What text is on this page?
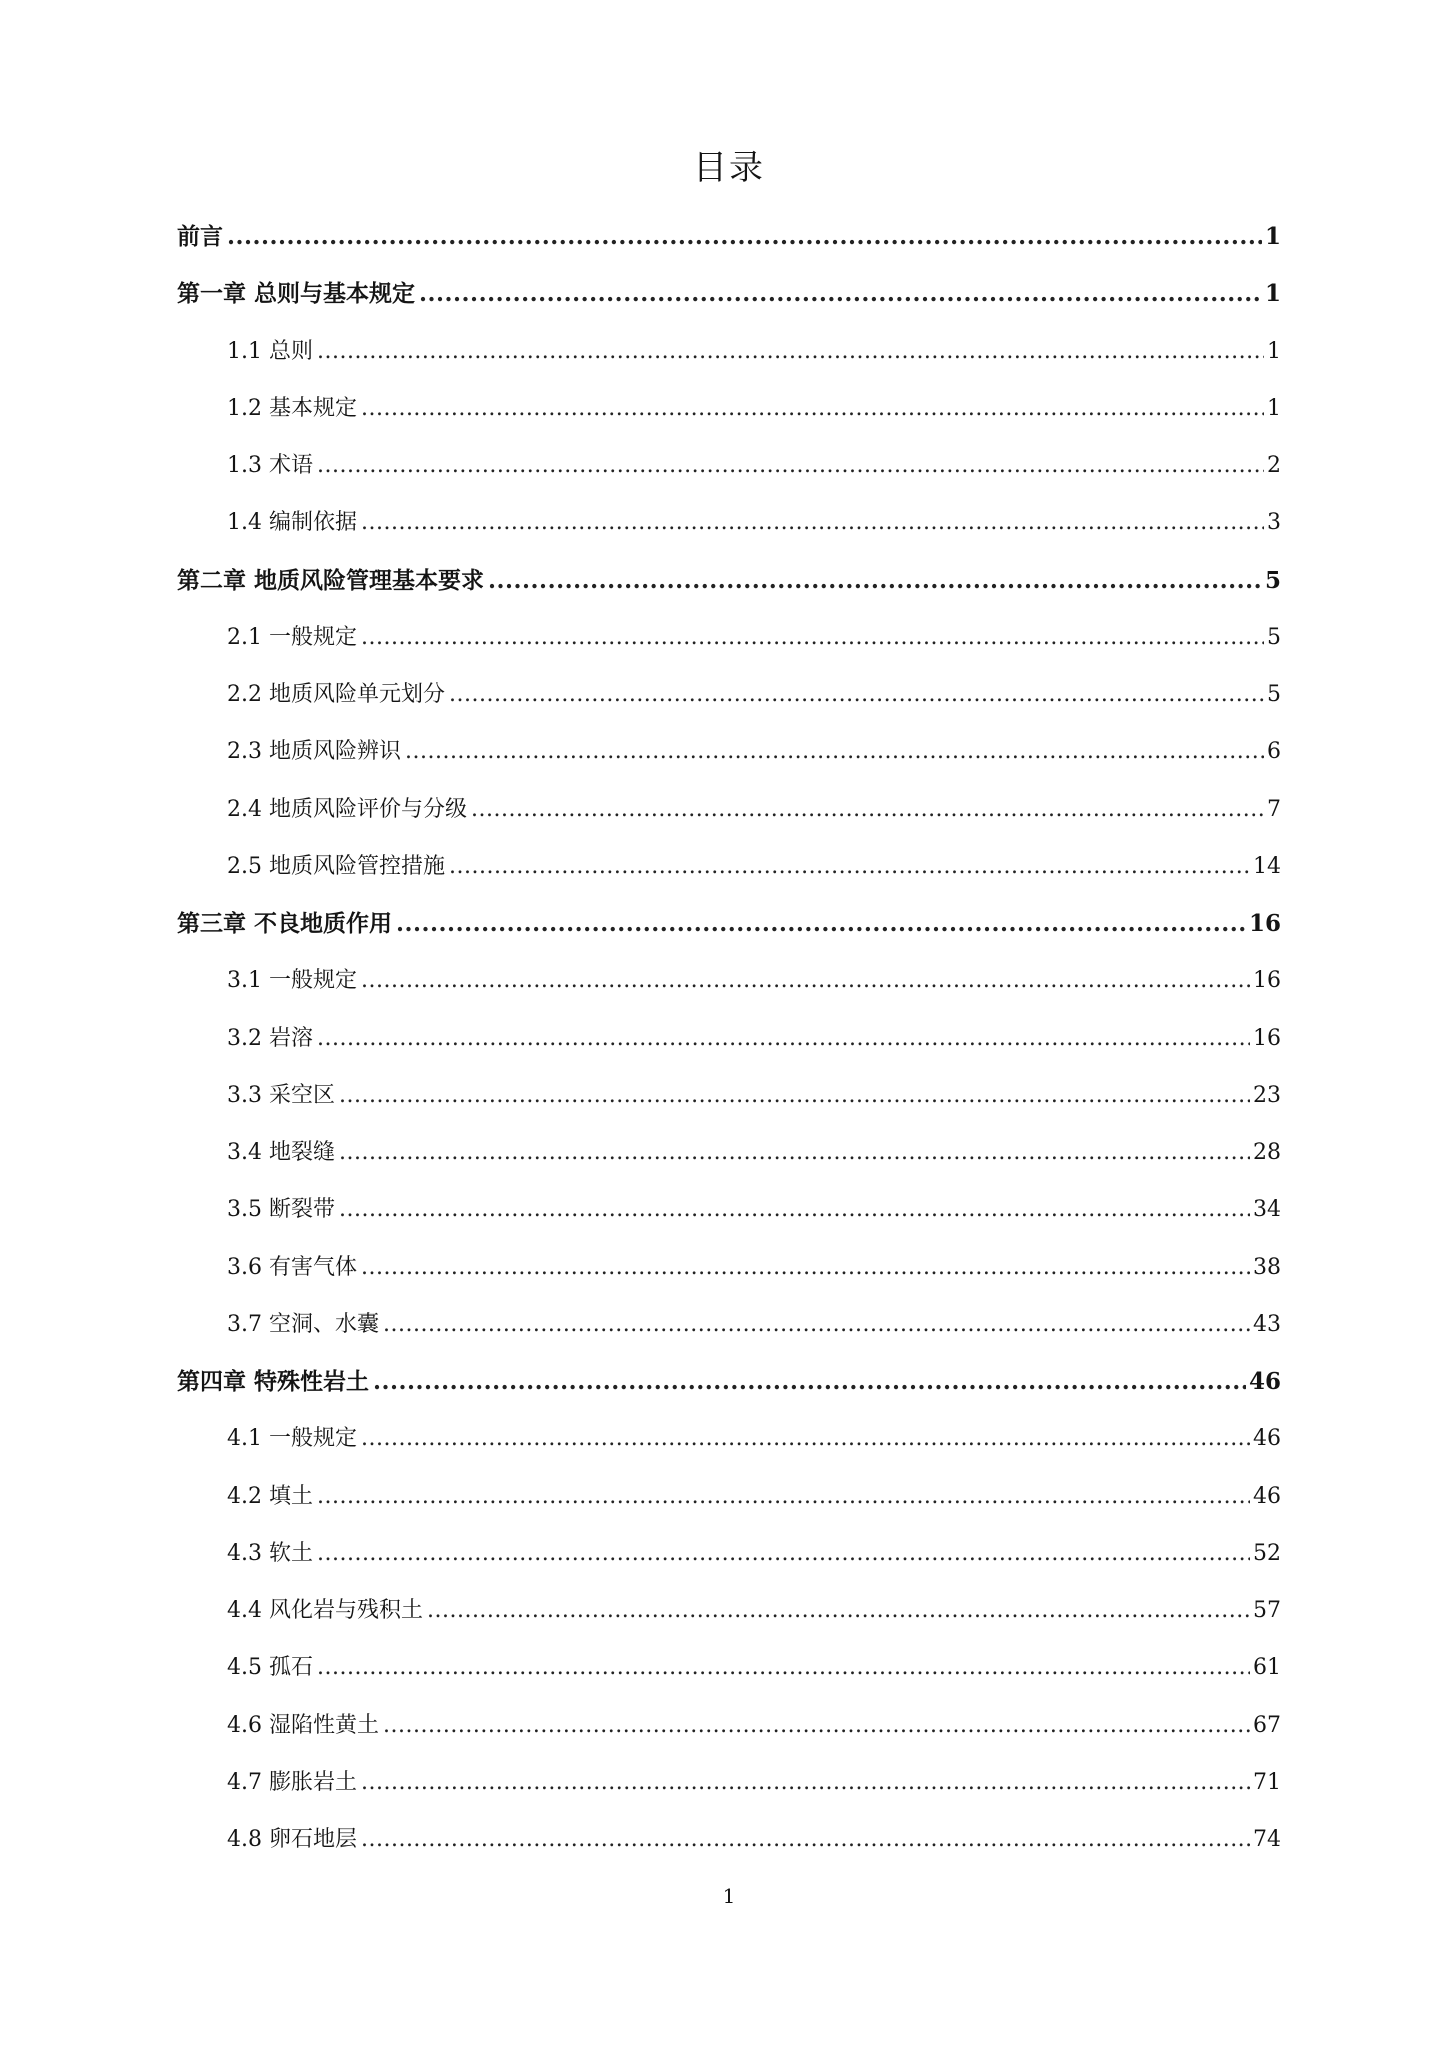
目录
前言 .....	1
第一章 总则与基本规定 .....	1
1.1 总则 .....	1
1.2 基本规定 .....	1
1.3 术语 .....	2
1.4 编制依据 .....	3
第二章 地质风险管理基本要求 .....	5
2.1 一般规定 .....	5
2.2 地质风险单元划分 .....	5
2.3 地质风险辨识 .....	6
2.4 地质风险评价与分级 .....	7
2.5 地质风险管控措施 .....	14
第三章 不良地质作用 .....	16
3.1 一般规定 .....	16
3.2 岩溶 .....	16
3.3 采空区 .....	23
3.4 地裂缝 .....	28
3.5 断裂带 .....	34
3.6 有害气体 .....	38
3.7 空洞、水囊 .....	43
第四章 特殊性岩土 .....	46
4.1 一般规定 .....	46
4.2 填土 .....	46
4.3 软土 .....	52
4.4 风化岩与残积土 .....	57
4.5 孤石 .....	61
4.6 湿陷性黄土 .....	67
4.7 膨胀岩土 .....	71
4.8 卵石地层 .....	74
1
